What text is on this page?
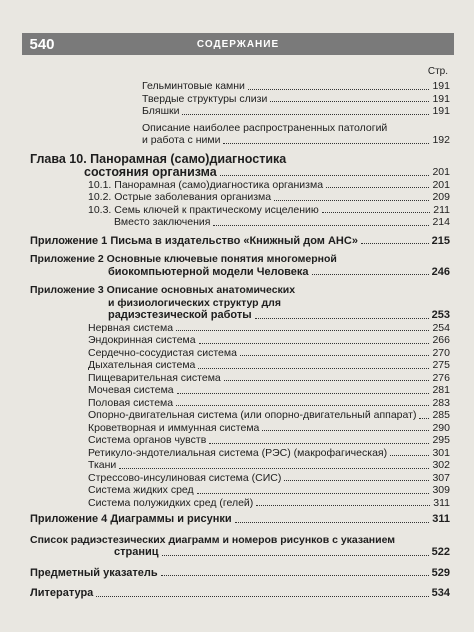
540	СОДЕРЖАНИЕ
Стр.
Гельминтовые камни	191
Твердые структуры слизи	191
Бляшки	191
Описание наиболее распространенных патологий
и работа с ними	192
Глава 10. Панорамная (само)диагностика
состояния организма	201
10.1. Панорамная (само)диагностика организма	201
10.2. Острые заболевания организма	209
10.3. Семь ключей к практическому исцелению	211
Вместо заключения	214
Приложение 1 Письма в издательство «Книжный дом АНС»	215
Приложение 2 Основные ключевые понятия многомерной
биокомпьютерной модели Человека	246
Приложение 3 Описание основных анатомических
и физиологических структур для
радиэстезической работы	253
Нервная система	254
Эндокринная система	266
Сердечно-сосудистая система	270
Дыхательная система	275
Пищеварительная система	276
Мочевая система	281
Половая система	283
Опорно-двигательная система (или опорно-двигательный аппарат) 285
Кроветворная и иммунная система	290
Система органов чувств	295
Ретикуло-эндотелиальная система (РЭС) (макрофагическая)	301
Ткани	302
Стрессово-инсулиновая система (СИС)	307
Система жидких сред	309
Система полужидких сред (гелей)	311
Приложение 4 Диаграммы и рисунки	311
Список радиэстезических диаграмм и номеров рисунков с указанием
страниц	522
Предметный указатель	529
Литература	534
